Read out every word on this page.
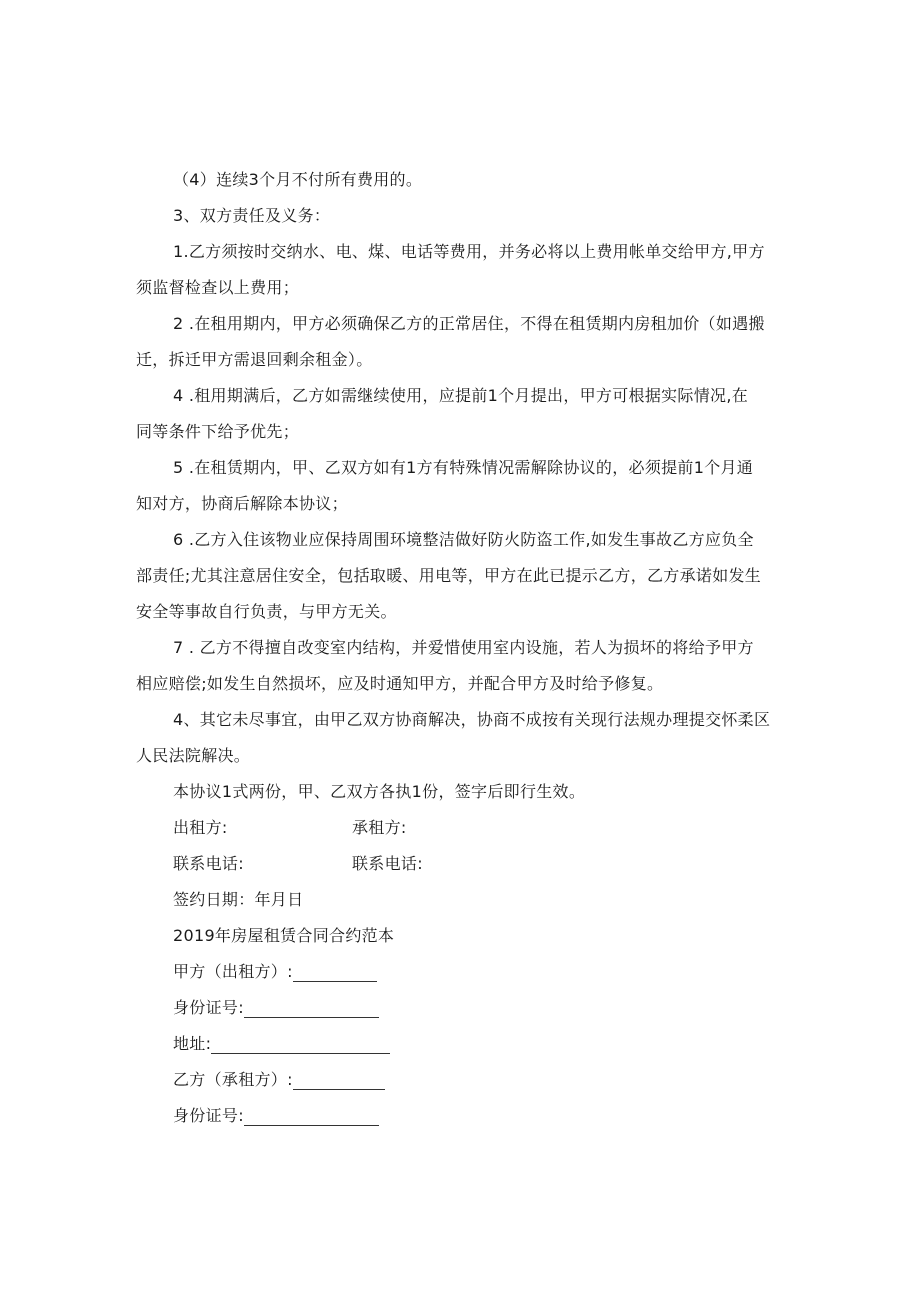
（4）连续3个月不付所有费用的。

3、双方责任及义务：

1.乙方须按时交纳水、电、煤、电话等费用，并务必将以上费用帐单交给甲方,甲方
须监督检查以上费用；

2 .在租用期内，甲方必须确保乙方的正常居住，不得在租赁期内房租加价（如遇搬
迁，拆迁甲方需退回剩余租金）。

4 .租用期满后，乙方如需继续使用，应提前1个月提出，甲方可根据实际情况,在
同等条件下给予优先；

5 .在租赁期内，甲、乙双方如有1方有特殊情况需解除协议的，必须提前1个月通
知对方，协商后解除本协议；

6 .乙方入住该物业应保持周围环境整洁做好防火防盗工作,如发生事故乙方应负全
部责任;尤其注意居住安全，包括取暖、用电等，甲方在此已提示乙方，乙方承诺如发生
安全等事故自行负责，与甲方无关。

7 . 乙方不得擅自改变室内结构，并爱惜使用室内设施，若人为损坏的将给予甲方
相应赔偿;如发生自然损坏，应及时通知甲方，并配合甲方及时给予修复。

4、其它未尽事宜，由甲乙双方协商解决，协商不成按有关现行法规办理提交怀柔区
人民法院解决。

本协议1式两份，甲、乙双方各执1份，签字后即行生效。

出租方:	承租方:
联系电话:	联系电话:

签约日期：年月日

2019年房屋租赁合同合约范本

甲方（出租方）:
身份证号:
地址:
乙方（承租方）:
身份证号:
